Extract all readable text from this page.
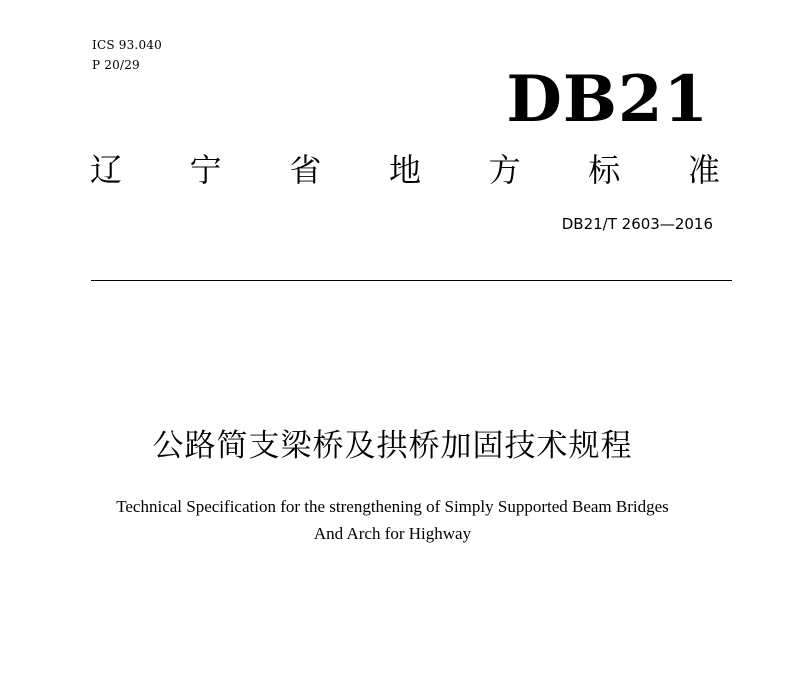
ICS 93.040
P 20/29	DB21
辽 宁 省 地 方 标 准
DB21/T 2603—2016
公路简支梁桥及拱桥加固技术规程
Technical Specification for the strengthening of Simply Supported Beam Bridges
And Arch for Highway
